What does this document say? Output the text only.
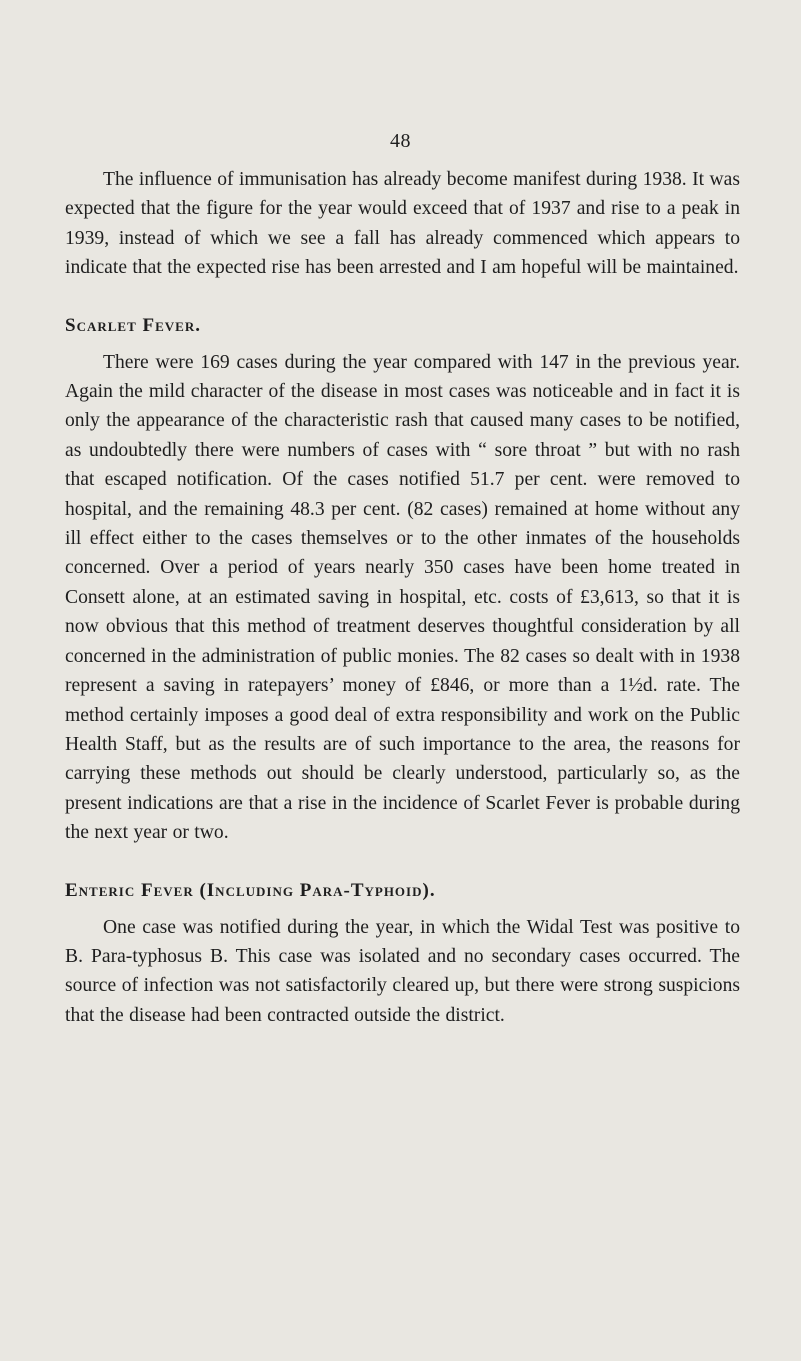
48

The influence of immunisation has already become manifest during 1938. It was expected that the figure for the year would exceed that of 1937 and rise to a peak in 1939, instead of which we see a fall has already commenced which appears to indicate that the expected rise has been arrested and I am hopeful will be maintained.

Scarlet Fever.

There were 169 cases during the year compared with 147 in the previous year. Again the mild character of the disease in most cases was noticeable and in fact it is only the appearance of the characteristic rash that caused many cases to be notified, as undoubtedly there were numbers of cases with “ sore throat ” but with no rash that escaped notification. Of the cases notified 51.7 per cent. were removed to hospital, and the remaining 48.3 per cent. (82 cases) remained at home without any ill effect either to the cases themselves or to the other inmates of the households concerned. Over a period of years nearly 350 cases have been home treated in Consett alone, at an estimated saving in hospital, etc. costs of £3,613, so that it is now obvious that this method of treatment deserves thoughtful consideration by all concerned in the administration of public monies. The 82 cases so dealt with in 1938 represent a saving in ratepayers’ money of £846, or more than a 1½d. rate. The method certainly imposes a good deal of extra responsibility and work on the Public Health Staff, but as the results are of such importance to the area, the reasons for carrying these methods out should be clearly understood, particularly so, as the present indications are that a rise in the incidence of Scarlet Fever is probable during the next year or two.

Enteric Fever (Including Para-Typhoid).

One case was notified during the year, in which the Widal Test was positive to B. Para-typhosus B. This case was isolated and no secondary cases occurred. The source of infection was not satisfactorily cleared up, but there were strong suspicions that the disease had been contracted outside the district.
